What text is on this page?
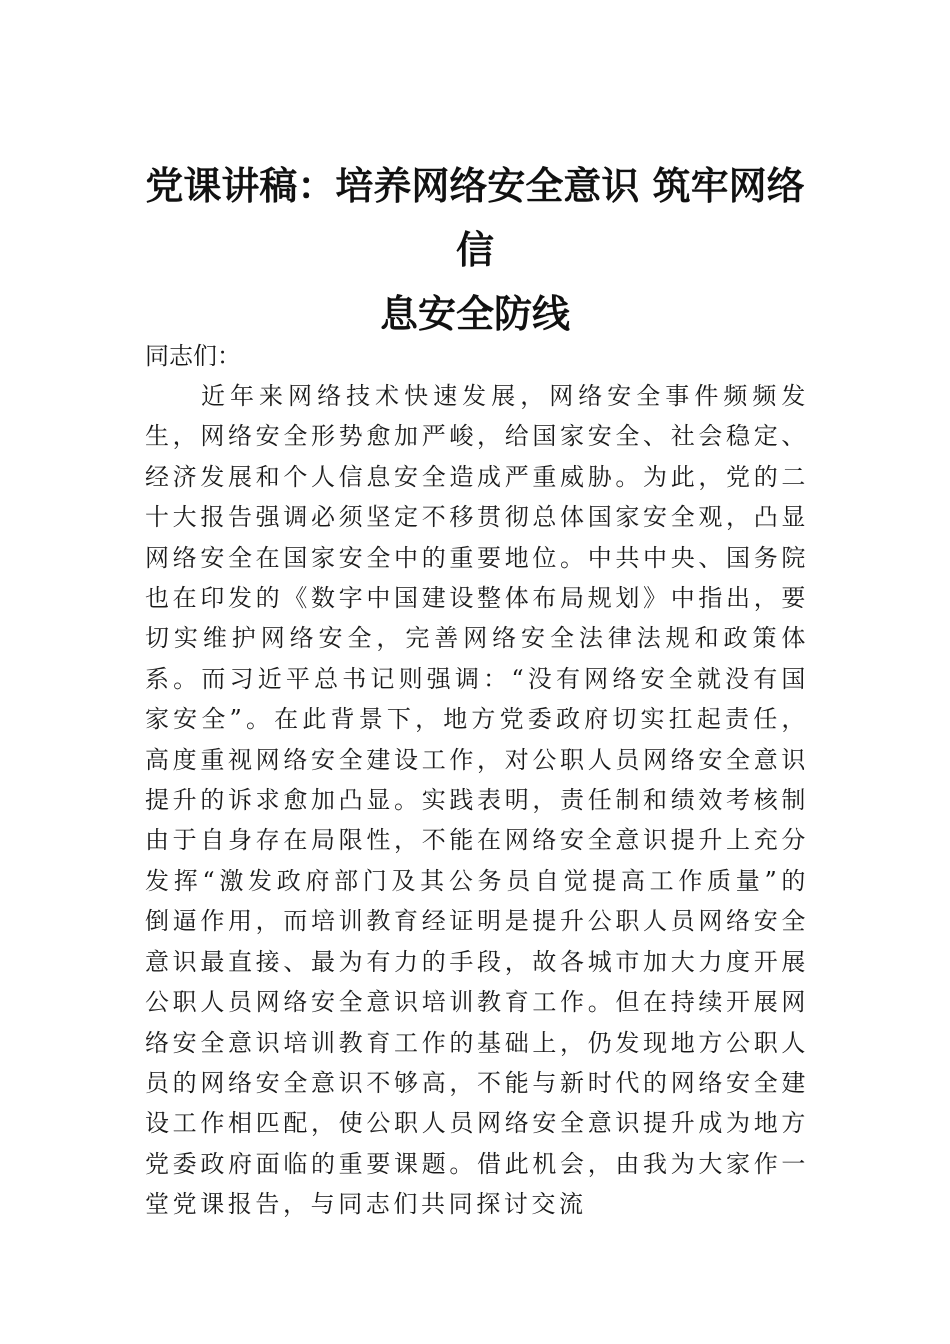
党课讲稿：培养网络安全意识 筑牢网络信
息安全防线

同志们：

近年来网络技术快速发展，网络安全事件频频发生，网络安全形势愈加严峻，给国家安全、社会稳定、经济发展和个人信息安全造成严重威胁。为此，党的二十大报告强调必须坚定不移贯彻总体国家安全观，凸显网络安全在国家安全中的重要地位。中共中央、国务院也在印发的《数字中国建设整体布局规划》中指出，要切实维护网络安全，完善网络安全法律法规和政策体系。而习近平总书记则强调：“没有网络安全就没有国家安全”。在此背景下，地方党委政府切实扛起责任，高度重视网络安全建设工作，对公职人员网络安全意识提升的诉求愈加凸显。实践表明，责任制和绩效考核制由于自身存在局限性，不能在网络安全意识提升上充分发挥“激发政府部门及其公务员自觉提高工作质量”的倒逼作用，而培训教育经证明是提升公职人员网络安全意识最直接、最为有力的手段，故各城市加大力度开展公职人员网络安全意识培训教育工作。但在持续开展网络安全意识培训教育工作的基础上，仍发现地方公职人员的网络安全意识不够高，不能与新时代的网络安全建设工作相匹配，使公职人员网络安全意识提升成为地方党委政府面临的重要课题。借此机会，由我为大家作一堂党课报告，与同志们共同探讨交流
